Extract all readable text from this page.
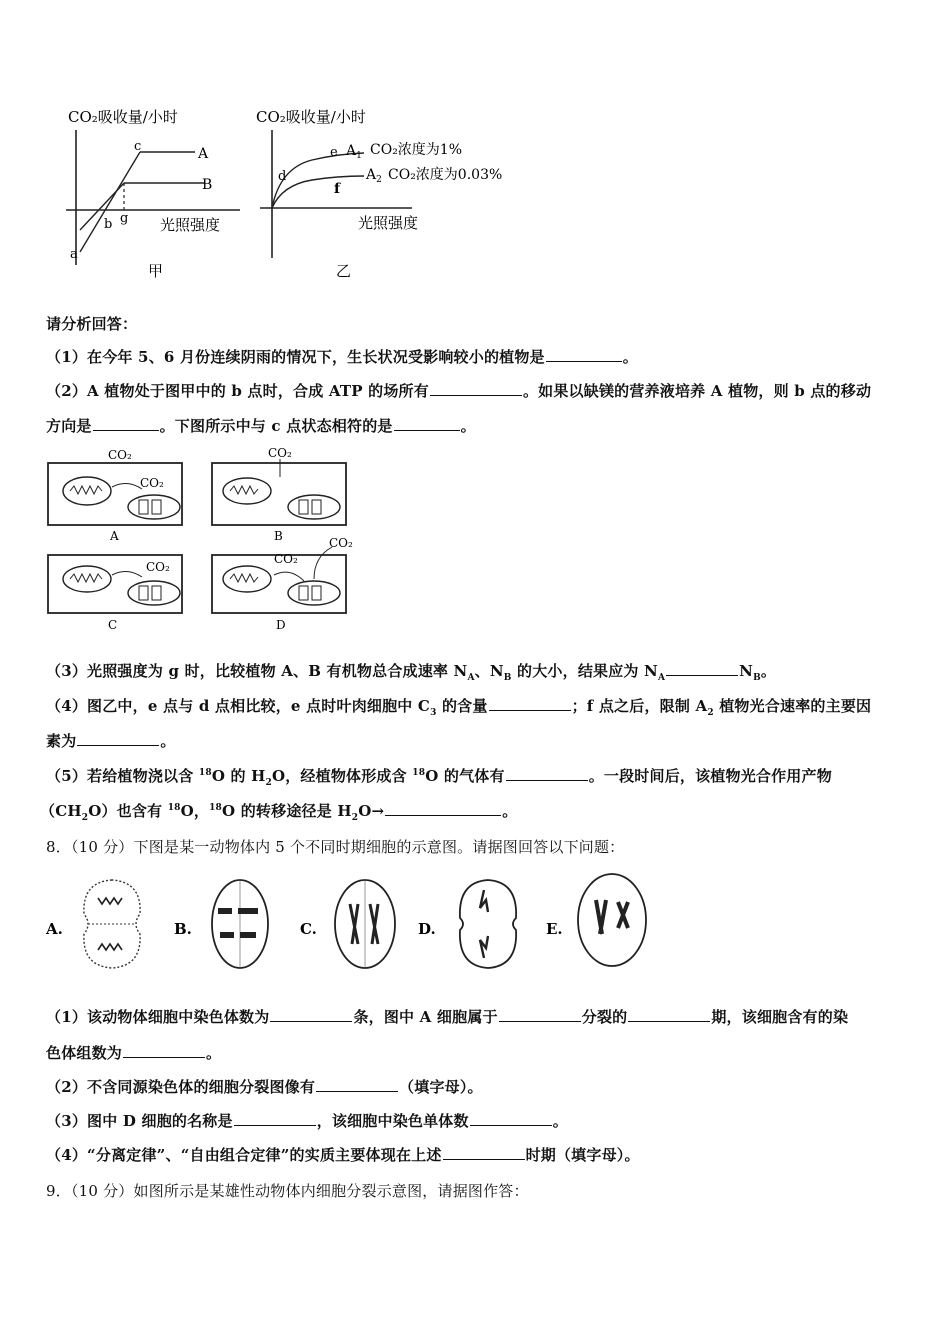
CO₂吸收量/小时
c	A
B
g
b
a
光照强度
甲
CO₂吸收量/小时
d
e
f
$A_1$ CO₂浓度为1%
$A_2$ CO₂浓度为0.03%
光照强度
乙
请分析回答：
（1）在今年 5、6 月份连续阴雨的情况下，生长状况受影响较小的植物是	。
（2）A 植物处于图甲中的 b 点时，合成 ATP 的场所有	。如果以缺镁的营养液培养 A 植物，则 b 点的移动
方向是	。下图所示中与 c 点状态相符的是	。
CO₂
CO₂
A
CO₂
B
CO₂
C
CO₂
CO₂
D
（3）光照强度为 g 时，比较植物 A、B 有机物总合成速率 $N_A$、$N_B$ 的大小，结果应为 $N_A$	$N_B$。
（4）图乙中，e 点与 d 点相比较，e 点时叶肉细胞中 $C_3$ 的含量	；f 点之后，限制 $A_2$ 植物光合速率的主要因
素为	。
（5）若给植物浇以含 $^{18}$O 的 $H_2O$，经植物体形成含 $^{18}$O 的气体有	。一段时间后，该植物光合作用产物
$(CH_2O)$也含有 $^{18}$O，$^{18}$O 的转移途径是 $H_2O\to$	。
8．（10 分）下图是某一动物体内 5 个不同时期细胞的示意图。请据图回答以下问题：
A.	B.	C.	D.	E.
（1）该动物体细胞中染色体数为	条，图中 A 细胞属于	分裂的	期，该细胞含有的染
色体组数为	。
（2）不含同源染色体的细胞分裂图像有	（填字母）。
（3）图中 D 细胞的名称是	，该细胞中染色单体数	。
（4）“分离定律”、“自由组合定律”的实质主要体现在上述	时期（填字母）。
9．（10 分）如图所示是某雄性动物体内细胞分裂示意图，请据图作答：
